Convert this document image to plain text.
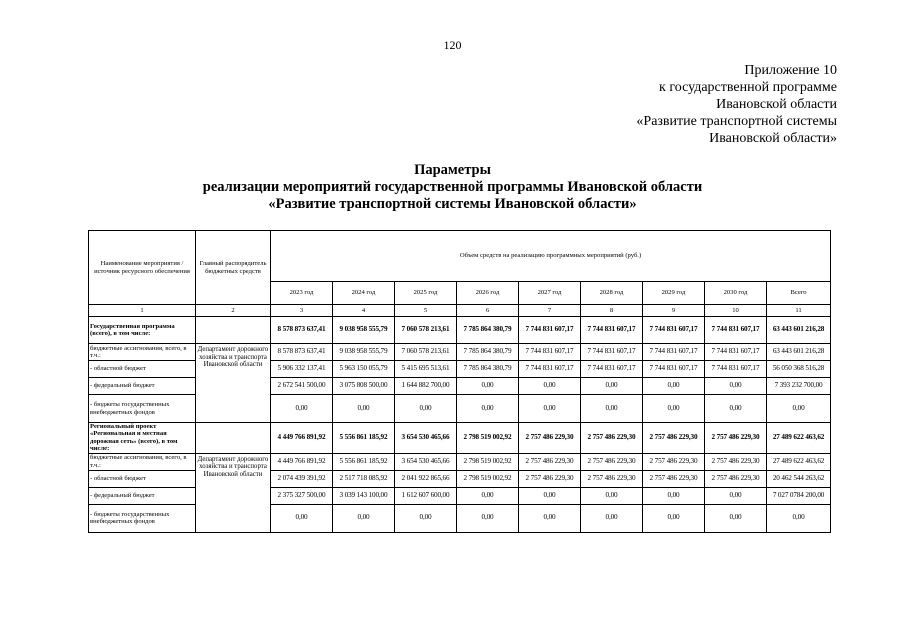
120
Приложение 10
к государственной программе
Ивановской области
«Развитие транспортной системы
Ивановской области»
Параметры
реализации мероприятий государственной программы Ивановской области
«Развитие транспортной системы Ивановской области»
Наименование мероприятия / источник ресурсного обеспечения	Главный распорядитель бюджетных средств	Объем средств на реализацию программных мероприятий (руб.)								
		2023 год	2024 год	2025 год	2026 год	2027 год	2028 год	2029 год	2030 год	Всего
1	2	3	4	5	6	7	8	9	10	11
Государственная программа (всего), в том числе:		8 578 873 637,41	9 038 958 555,79	7 060 578 213,61	7 785 864 380,79	7 744 831 607,17	7 744 831 607,17	7 744 831 607,17	7 744 831 607,17	63 443 601 216,28
бюджетные ассигнования, всего, в т.ч.:	Департамент дорожного хозяйства и транспорта Ивановской области	8 578 873 637,41	9 038 958 555,79	7 060 578 213,61	7 785 864 380,79	7 744 831 607,17	7 744 831 607,17	7 744 831 607,17	7 744 831 607,17	63 443 601 216,28
- областной бюджет		5 906 332 137,41	5 963 150 055,79	5 415 695 513,61	7 785 864 380,79	7 744 831 607,17	7 744 831 607,17	7 744 831 607,17	7 744 831 607,17	56 050 368 516,28
- федеральный бюджет		2 672 541 500,00	3 075 808 500,00	1 644 882 700,00	0,00	0,00	0,00	0,00	0,00	7 393 232 700,00
- бюджеты государственных внебюджетных фондов		0,00	0,00	0,00	0,00	0,00	0,00	0,00	0,00	0,00
Региональный проект «Региональная и местная дорожная сеть» (всего), в том числе:		4 449 766 891,92	5 556 861 185,92	3 654 530 465,66	2 798 519 002,92	2 757 486 229,30	2 757 486 229,30	2 757 486 229,30	2 757 486 229,30	27 489 622 463,62
бюджетные ассигнования, всего, в т.ч.:	Департамент дорожного хозяйства и транспорта Ивановской области	4 449 766 891,92	5 556 861 185,92	3 654 530 465,66	2 798 519 002,92	2 757 486 229,30	2 757 486 229,30	2 757 486 229,30	2 757 486 229,30	27 489 622 463,62
- областной бюджет		2 074 439 391,92	2 517 718 085,92	2 041 922 865,66	2 798 519 002,92	2 757 486 229,30	2 757 486 229,30	2 757 486 229,30	2 757 486 229,30	20 462 544 263,62
- федеральный бюджет		2 375 327 500,00	3 039 143 100,00	1 612 607 600,00	0,00	0,00	0,00	0,00	0,00	7 027 0784 200,00
- бюджеты государственных внебюджетных фондов		0,00	0,00	0,00	0,00	0,00	0,00	0,00	0,00	0,00
